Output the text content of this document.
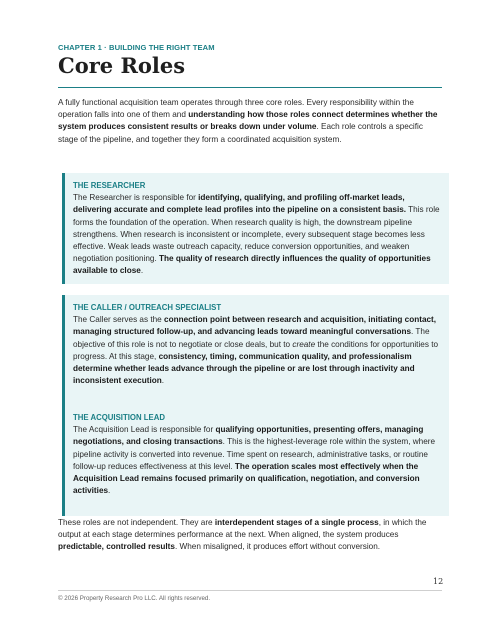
CHAPTER 1 · BUILDING THE RIGHT TEAM
Core Roles
A fully functional acquisition team operates through three core roles. Every responsibility within the operation falls into one of them and understanding how those roles connect determines whether the system produces consistent results or breaks down under volume. Each role controls a specific stage of the pipeline, and together they form a coordinated acquisition system.
THE RESEARCHER
The Researcher is responsible for identifying, qualifying, and profiling off-market leads, delivering accurate and complete lead profiles into the pipeline on a consistent basis. This role forms the foundation of the operation. When research quality is high, the downstream pipeline strengthens. When research is inconsistent or incomplete, every subsequent stage becomes less effective. Weak leads waste outreach capacity, reduce conversion opportunities, and weaken negotiation positioning. The quality of research directly influences the quality of opportunities available to close.
THE CALLER / OUTREACH SPECIALIST
The Caller serves as the connection point between research and acquisition, initiating contact, managing structured follow-up, and advancing leads toward meaningful conversations. The objective of this role is not to negotiate or close deals, but to create the conditions for opportunities to progress. At this stage, consistency, timing, communication quality, and professionalism determine whether leads advance through the pipeline or are lost through inactivity and inconsistent execution.
THE ACQUISITION LEAD
The Acquisition Lead is responsible for qualifying opportunities, presenting offers, managing negotiations, and closing transactions. This is the highest-leverage role within the system, where pipeline activity is converted into revenue. Time spent on research, administrative tasks, or routine follow-up reduces effectiveness at this level. The operation scales most effectively when the Acquisition Lead remains focused primarily on qualification, negotiation, and conversion activities.
These roles are not independent. They are interdependent stages of a single process, in which the output at each stage determines performance at the next. When aligned, the system produces predictable, controlled results. When misaligned, it produces effort without conversion.
12
© 2026 Property Research Pro LLC. All rights reserved.
